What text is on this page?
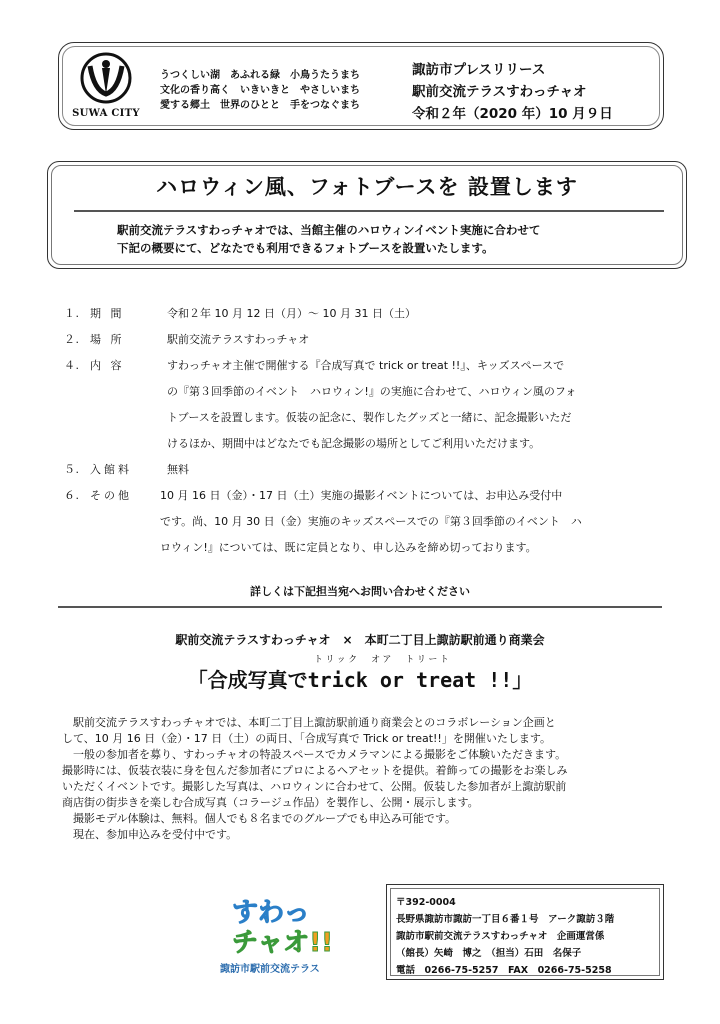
SUWA CITY
うつくしい湖　あふれる緑　小鳥うたうまち
文化の香り高く　いきいきと　やさしいまち
愛する郷土　世界のひとと　手をつなぐまち
諏訪市プレスリリース
駅前交流テラスすわっチャオ
令和２年（2020 年）10 月９日
ハロウィン風、フォトブースを 設置します
駅前交流テラスすわっチャオでは、当館主催のハロウィンイベント実施に合わせて
下記の概要にて、どなたでも利用できるフォトブースを設置いたします。
１. 期 間	令和２年 10 月 12 日（月）～ 10 月 31 日（土）
２. 場 所	駅前交流テラスすわっチャオ
４. 内 容	すわっチャオ主催で開催する『合成写真で trick or treat !!』、キッズスペースで
の『第３回季節のイベント　ハロウィン!』の実施に合わせて、ハロウィン風のフォ
トブースを設置します。仮装の記念に、製作したグッズと一緒に、記念撮影いただ
けるほか、期間中はどなたでも記念撮影の場所としてご利用いただけます。
５. 入館料	無料
６. その他	10 月 16 日（金）・17 日（土）実施の撮影イベントについては、お申込み受付中
です。尚、10 月 30 日（金）実施のキッズスペースでの『第３回季節のイベント　ハ
ロウィン!』については、既に定員となり、申し込みを締め切っております。
詳しくは下記担当宛へお問い合わせください
駅前交流テラスすわっチャオ　×　本町二丁目上諏訪駅前通り商業会
トリック　オア　トリート
「合成写真でtrick or treat !!」
　駅前交流テラスすわっチャオでは、本町二丁目上諏訪駅前通り商業会とのコラボレーション企画と
して、10 月 16 日（金）・17 日（土）の両日、「合成写真で Trick or treat!!」を開催いたします。
　一般の参加者を募り、すわっチャオの特設スペースでカメラマンによる撮影をご体験いただきます。
撮影時には、仮装衣装に身を包んだ参加者にプロによるヘアセットを提供。着飾っての撮影をお楽しみ
いただくイベントです。撮影した写真は、ハロウィンに合わせて、公開。仮装した参加者が上諏訪駅前
商店街の街歩きを楽しむ合成写真（コラージュ作品）を製作し、公開・展示します。
　撮影モデル体験は、無料。個人でも８名までのグループでも申込み可能です。
　現在、参加申込みを受付中です。
すわっ
チャオ!!
諏訪市駅前交流テラス
〒392-0004
長野県諏訪市諏訪一丁目６番１号　アーク諏訪３階
諏訪市駅前交流テラスすわっチャオ　企画運営係
（館長）矢崎　博之　（担当）石田　名保子
電話　0266-75-5257　FAX　0266-75-5258
